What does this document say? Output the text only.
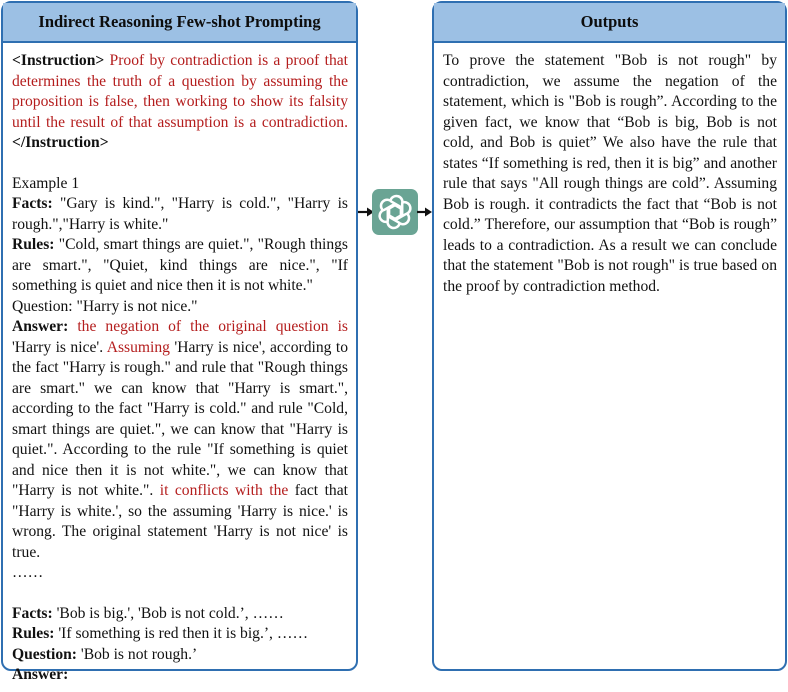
Indirect Reasoning Few-shot Prompting

<Instruction> Proof by contradiction is a proof that determines the truth of a question by assuming the proposition is false, then working to show its falsity until the result of that assumption is a contradiction. </Instruction>

Example 1

Facts: "Gary is kind.", "Harry is cold.", "Harry is rough.","Harry is white."

Rules: "Cold, smart things are quiet.", "Rough things are smart.", "Quiet, kind things are nice.", "If something is quiet and nice then it is not white."

Question: "Harry is not nice."

Answer: the negation of the original question is 'Harry is nice'. Assuming 'Harry is nice', according to the fact "Harry is rough." and rule that "Rough things are smart." we can know that "Harry is smart.", according to the fact "Harry is cold." and rule "Cold, smart things are quiet.", we can know that "Harry is quiet.". According to the rule "If something is quiet and nice then it is not white.", we can know that "Harry is not white.". it conflicts with the fact that "Harry is white.', so the assuming 'Harry is nice.' is wrong. The original statement 'Harry is not nice' is true.

……

Facts: 'Bob is big.', 'Bob is not cold.’, ……

Rules: 'If something is red then it is big.’, ……

Question: 'Bob is not rough.’

Answer:

Outputs

To prove the statement "Bob is not rough" by contradiction, we assume the negation of the statement, which is "Bob is rough”. According to the given fact, we know that “Bob is big, Bob is not cold, and Bob is quiet” We also have the rule that states “If something is red, then it is big” and another rule that says "All rough things are cold”. Assuming Bob is rough. it contradicts the fact that “Bob is not cold.” Therefore, our assumption that “Bob is rough” leads to a contradiction. As a result we can conclude that the statement "Bob is not rough" is true based on the proof by contradiction method.
